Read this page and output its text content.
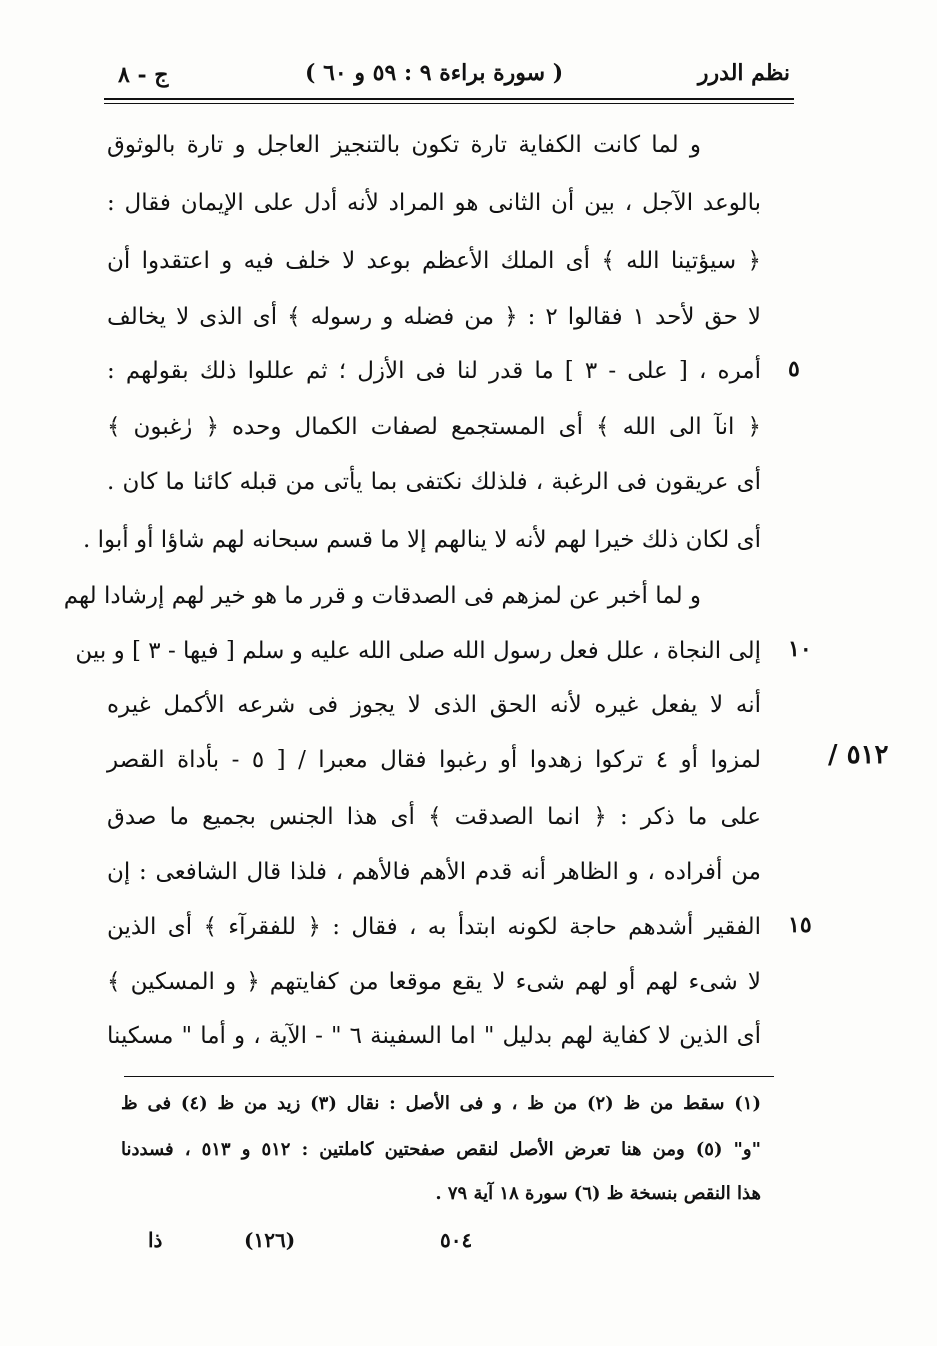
نظم الدرر
( سورة براءة ٩ : ٥٩ و ٦٠ )
ج - ٨
و لما كانت الكفاية تارة تكون بالتنجيز العاجل و تارة بالوثوق
بالوعد الآجل ، بين أن الثانى هو المراد لأنه أدل على الإيمان فقال :
﴿ سيؤتينا الله ﴾ أى الملك الأعظم بوعد لا خلف فيه و اعتقدوا أن
لا حق لأحد ١ فقالوا ٢ : ﴿ من فضله و رسوله ﴾ أى الذى لا يخالف
أمره ، [ على - ٣ ] ما قدر لنا فى الأزل ؛ ثم عللوا ذلك بقولهم :
﴿ انآ الى الله ﴾ أى المستجمع لصفات الكمال وحده ﴿ رٰغبون ﴾
أى عريقون فى الرغبة ، فلذلك نكتفى بما يأتى من قبله كائنا ما كان .
أى لكان ذلك خيرا لهم لأنه لا ينالهم إلا ما قسم سبحانه لهم شاؤا أو أبوا .
و لما أخبر عن لمزهم فى الصدقات و قرر ما هو خير لهم إرشادا لهم
إلى النجاة ، علل فعل رسول الله صلى الله عليه و سلم [ فيها - ٣ ] و بين
أنه لا يفعل غيره لأنه الحق الذى لا يجوز فى شرعه الأكمل غيره
لمزوا أو ٤ تركوا زهدوا أو رغبوا فقال معبرا / [ ٥ - بأداة القصر
على ما ذكر : ﴿ انما الصدقت ﴾ أى هذا الجنس بجميع ما صدق
من أفراده ، و الظاهر أنه قدم الأهم فالأهم ، فلذا قال الشافعى : إن
الفقير أشدهم حاجة لكونه ابتدأ به ، فقال : ﴿ للفقرآء ﴾ أى الذين
لا شىء لهم أو لهم شىء لا يقع موقعا من كفايتهم ﴿ و المسكين ﴾
أى الذين لا كفاية لهم بدليل " اما السفينة ٦ " - الآية ، و أما " مسكينا
٥
١٠
١٥
٥١٢ /
(١) سقط من ظ (٢) من ظ ، و فى الأصل : نقال (٣) زيد من ظ (٤) فى ظ
"و" (٥) ومن هنا تعرض الأصل لنقص صفحتين كاملتين : ٥١٢ و ٥١٣ ، فسددنا
هذا النقص بنسخة ظ (٦) سورة ١٨ آية ٧٩ .
٥٠٤
(١٢٦)
ذا
